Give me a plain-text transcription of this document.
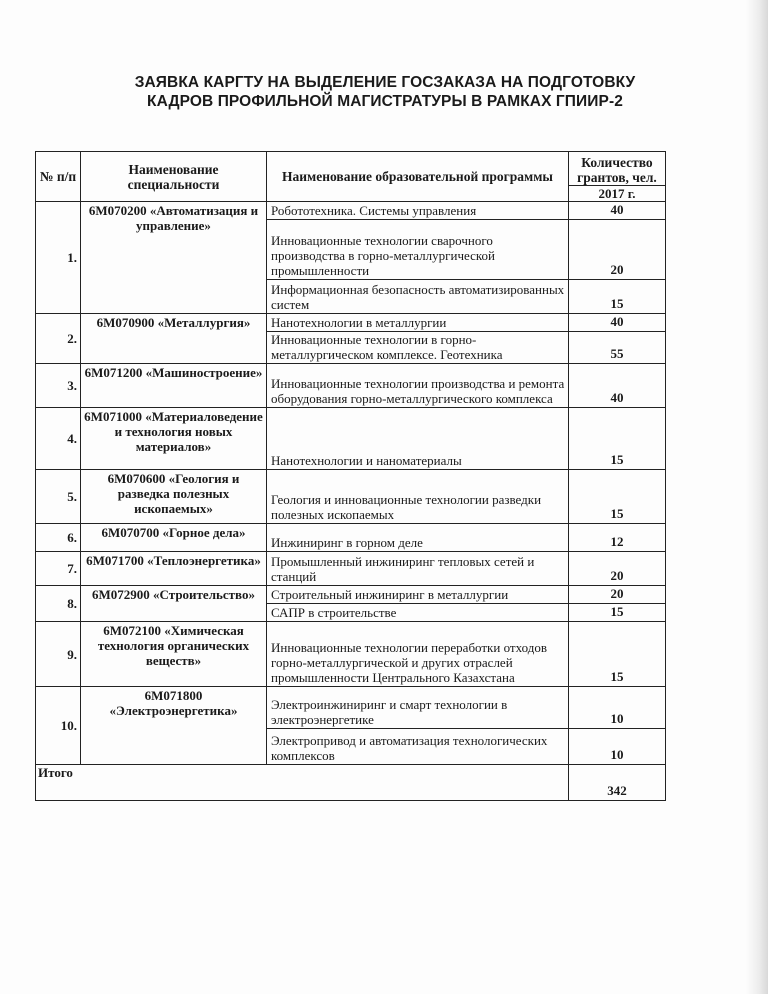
ЗАЯВКА КАРГТУ НА ВЫДЕЛЕНИЕ ГОСЗАКАЗА НА ПОДГОТОВКУ
КАДРОВ ПРОФИЛЬНОЙ МАГИСТРАТУРЫ В РАМКАХ ГПИИР-2
№ п/п	Наименование специальности	Наименование образовательной программы	Количество грантов, чел.
			2017 г.
1.	6М070200 «Автоматизация и управление»	Робототехника. Системы управления	40
		Инновационные технологии сварочного производства в горно-металлургической промышленности	20
		Информационная безопасность автоматизированных систем	15
2.	6М070900 «Металлургия»	Нанотехнологии в металлургии	40
		Инновационные технологии в горно-металлургическом комплексе. Геотехника	55
3.	6М071200 «Машиностроение»	Инновационные технологии производства и ремонта оборудования горно-металлургического комплекса	40
4.	6М071000 «Материаловедение и технология новых материалов»	Нанотехнологии и наноматериалы	15
5.	6М070600 «Геология и разведка полезных ископаемых»	Геология и инновационные технологии разведки полезных ископаемых	15
6.	6М070700 «Горное дела»	Инжиниринг в горном деле	12
7.	6М071700 «Теплоэнергетика»	Промышленный инжиниринг тепловых сетей и станций	20
8.	6М072900 «Строительство»	Строительный инжиниринг в металлургии	20
		САПР в строительстве	15
9.	6М072100 «Химическая технология органических веществ»	Инновационные технологии переработки отходов горно-металлургической и других отраслей промышленности Центрального Казахстана	15
10.	6М071800 «Электроэнергетика»	Электроинжиниринг и смарт технологии в электроэнергетике	10
		Электропривод и автоматизация технологических комплексов	10
Итого			342
